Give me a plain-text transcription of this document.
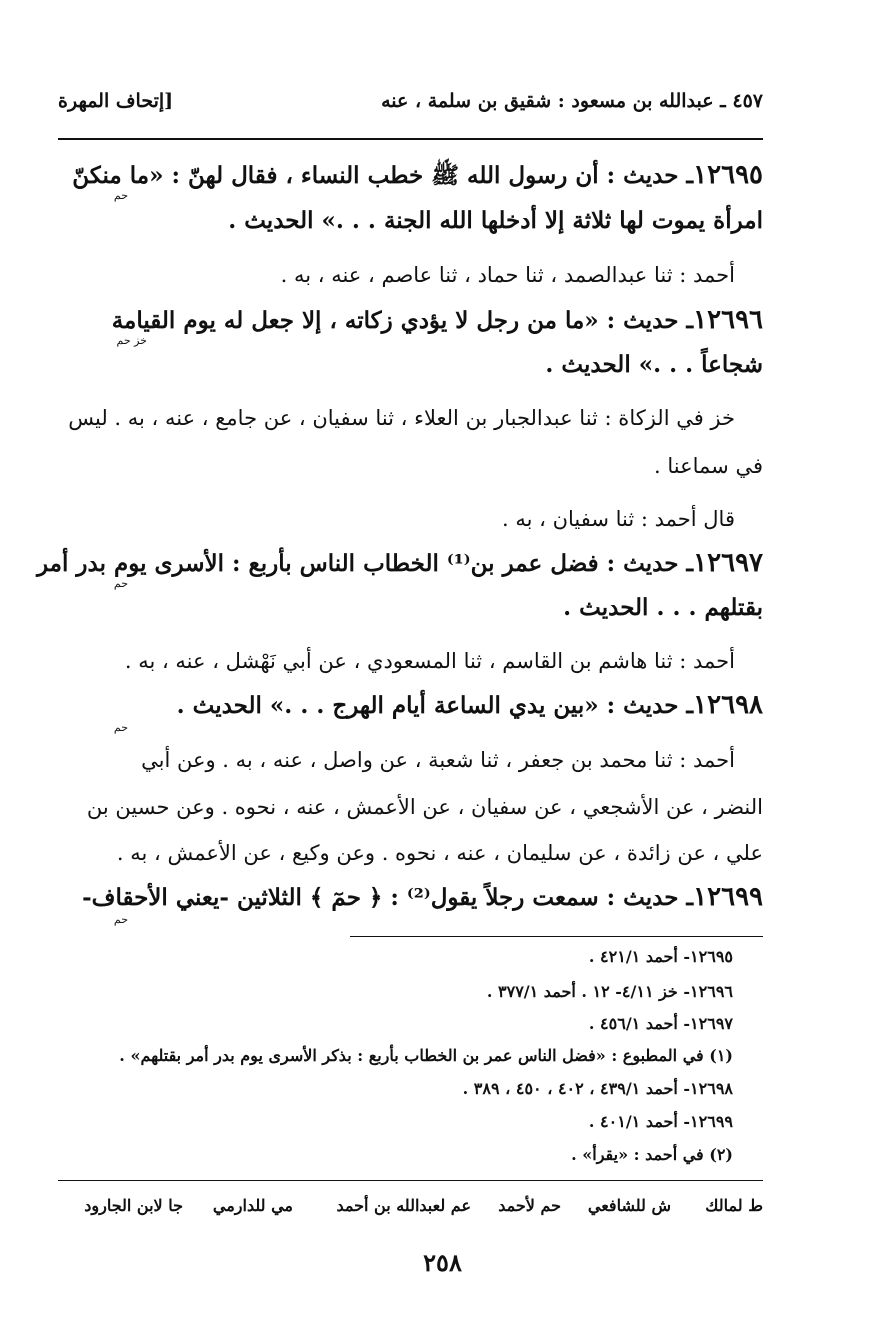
٤٥٧ ـ عبدالله بن مسعود : شقيق بن سلمة ، عنه
[إتحاف المهرة
١٢٦٩٥ـ حديث : أن رسول الله ﷺ خطب النساء ، فقال لهنّ : «ما منكنّ
حم
امرأة يموت لها ثلاثة إلا أدخلها الله الجنة . . .» الحديث .
أحمد : ثنا عبدالصمد ، ثنا حماد ، ثنا عاصم ، عنه ، به .
١٢٦٩٦ـ حديث : «ما من رجل لا يؤدي زكاته ، إلا جعل له يوم القيامة
خز حم
شجاعاً . . .» الحديث .
خز في الزكاة : ثنا عبدالجبار بن العلاء ، ثنا سفيان ، عن جامع ، عنه ، به . ليس
في سماعنا .
قال أحمد : ثنا سفيان ، به .
١٢٦٩٧ـ حديث : فضل عمر بن⁽¹⁾ الخطاب الناس بأربع : الأسرى يوم بدر أمر
حم
بقتلهم . . . الحديث .
أحمد : ثنا هاشم بن القاسم ، ثنا المسعودي ، عن أبي نَهْشل ، عنه ، به .
١٢٦٩٨ـ حديث : «بين يدي الساعة أيام الهرج . . .» الحديث .
حم
أحمد : ثنا محمد بن جعفر ، ثنا شعبة ، عن واصل ، عنه ، به . وعن أبي
النضر ، عن الأشجعي ، عن سفيان ، عن الأعمش ، عنه ، نحوه . وعن حسين بن
علي ، عن زائدة ، عن سليمان ، عنه ، نحوه . وعن وكيع ، عن الأعمش ، به .
١٢٦٩٩ـ حديث : سمعت رجلاً يقول⁽²⁾ : ﴿ حمٓ ﴾ الثلاثين -يعني الأحقاف-
حم
١٢٦٩٥- أحمد ٤٢١/١ .
١٢٦٩٦- خز ٤/١١- ١٢ . أحمد ٣٧٧/١ .
١٢٦٩٧- أحمد ٤٥٦/١ .
(١) في المطبوع : «فضل الناس عمر بن الخطاب بأربع : بذكر الأسرى يوم بدر أمر بقتلهم» .
١٢٦٩٨- أحمد ٤٣٩/١ ، ٤٠٢ ، ٤٥٠ ، ٣٨٩ .
١٢٦٩٩- أحمد ٤٠١/١ .
(٢) في أحمد : «يقرأ» .
ط لمالك
ش للشافعي
حم لأحمد
عم لعبدالله بن أحمد
مي للدارمي
جا لابن الجارود
٢٥٨
